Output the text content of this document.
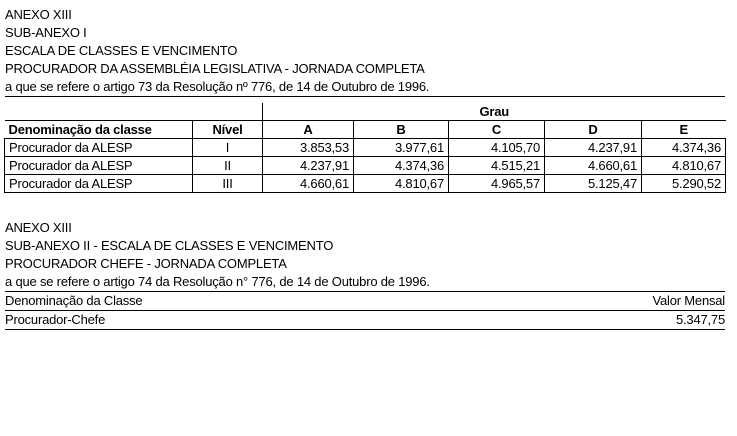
ANEXO XIII
SUB-ANEXO I
ESCALA DE CLASSES E VENCIMENTO
PROCURADOR DA ASSEMBLÉIA LEGISLATIVA - JORNADA COMPLETA
a que se refere o artigo 73 da Resolução nº 776, de 14 de Outubro de 1996.
		Grau				
Denominação da classe	Nível	A	B	C	D	E
Procurador da ALESP	I	3.853,53	3.977,61	4.105,70	4.237,91	4.374,36
Procurador da ALESP	II	4.237,91	4.374,36	4.515,21	4.660,61	4.810,67
Procurador da ALESP	III	4.660,61	4.810,67	4.965,57	5.125,47	5.290,52
ANEXO XIII
SUB-ANEXO II - ESCALA DE CLASSES E VENCIMENTO
PROCURADOR CHEFE - JORNADA COMPLETA
a que se refere o artigo 74 da Resolução n° 776, de 14 de Outubro de 1996.
Denominação da Classe	Valor Mensal
Procurador-Chefe	5.347,75
